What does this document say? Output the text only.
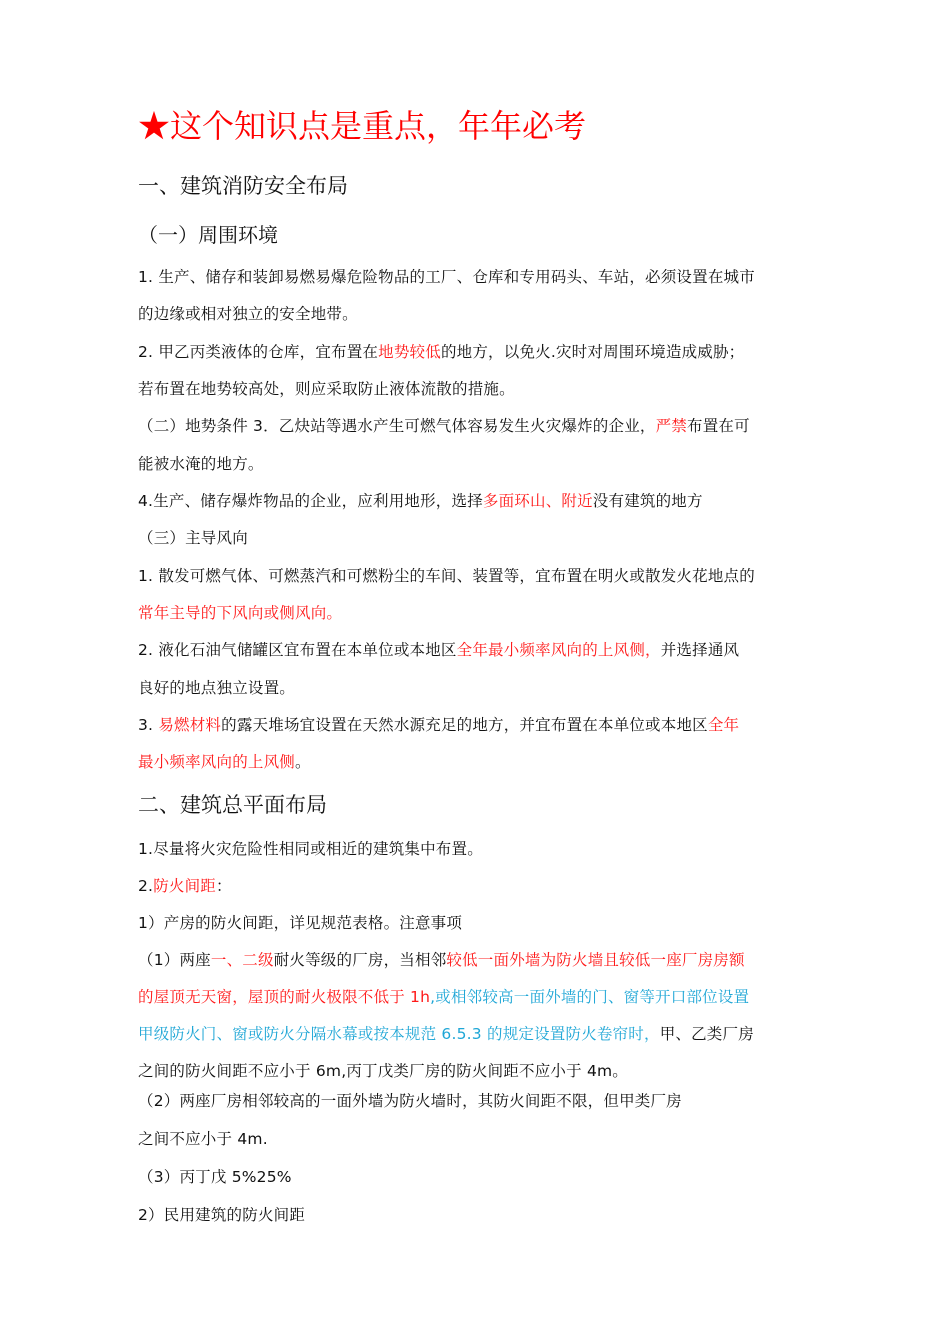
★这个知识点是重点，年年必考
一、建筑消防安全布局
（一）周围环境
1. 生产、储存和装卸易燃易爆危险物品的工厂、仓库和专用码头、车站，必须设置在城市
的边缘或相对独立的安全地带。
2. 甲乙丙类液体的仓库，宜布置在地势较低的地方，以免火.灾时对周围环境造成威胁；
若布置在地势较高处，则应采取防止液体流散的措施。
（二）地势条件 3．乙炔站等遇水产生可燃气体容易发生火灾爆炸的企业，严禁布置在可
能被水淹的地方。
4.生产、储存爆炸物品的企业，应利用地形，选择多面环山、附近没有建筑的地方
（三）主导风向
1. 散发可燃气体、可燃蒸汽和可燃粉尘的车间、装置等，宜布置在明火或散发火花地点的
常年主导的下风向或侧风向。
2. 液化石油气储罐区宜布置在本单位或本地区全年最小频率风向的上风侧，并选择通风
良好的地点独立设置。
3. 易燃材料的露天堆场宜设置在天然水源充足的地方，并宜布置在本单位或本地区全年
最小频率风向的上风侧。
二、建筑总平面布局
1.尽量将火灾危险性相同或相近的建筑集中布置。
2.防火间距：
1）产房的防火间距，详见规范表格。注意事项
（1）两座一、二级耐火等级的厂房，当相邻较低一面外墙为防火墙且较低一座厂房房额
的屋顶无天窗，屋顶的耐火极限不低于 1h,或相邻较高一面外墙的门、窗等开口部位设置
甲级防火门、窗或防火分隔水幕或按本规范 6.5.3 的规定设置防火卷帘时，甲、乙类厂房
之间的防火间距不应小于 6m,丙丁戊类厂房的防火间距不应小于 4m。
（2）两座厂房相邻较高的一面外墙为防火墙时，其防火间距不限，但甲类厂房
之间不应小于 4m.
（3）丙丁戊 5%25%
2）民用建筑的防火间距
